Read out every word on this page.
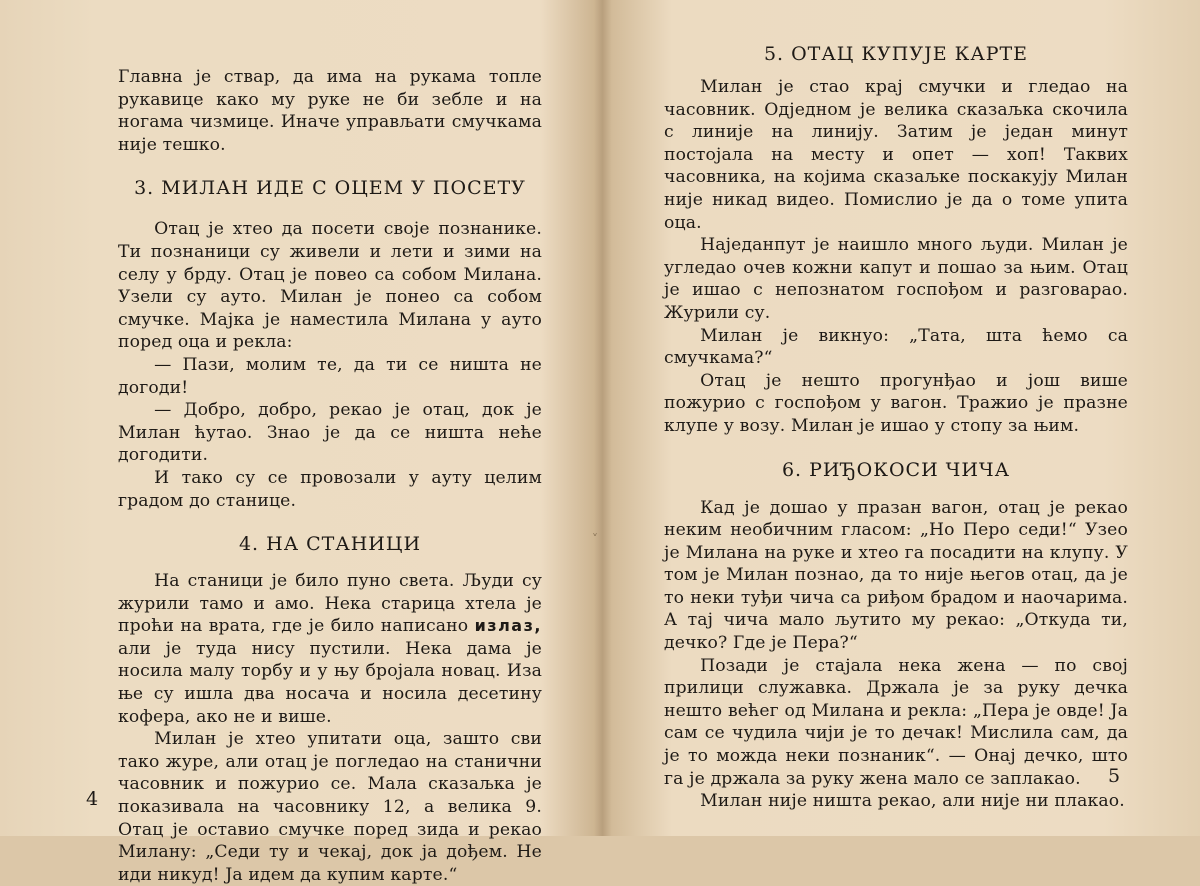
Главна је ствар, да има на рукама топле рукавице како му руке не би зебле и на ногама чизмице. Иначе управљати смучкама није тешко.

3. МИЛАН ИДЕ С ОЦЕМ У ПОСЕТУ

Отац је хтео да посети своје познанике. Ти познаници су живели и лети и зими на селу у брду. Отац је повео са собом Милана. Узели су ауто. Милан је понео са собом смучке. Мајка је наместила Милана у ауто поред оца и рекла:

— Пази, молим те, да ти се ништа не догоди!

— Добро, добро, рекао је отац, док је Милан ћутао. Знао је да се ништа неће догодити.

И тако су се провозали у ауту целим градом до станице.

4. НА СТАНИЦИ

На станици је било пуно света. Људи су журили тамо и амо. Нека старица хтела је проћи на врата, где је било написано излаз, али је туда нису пустили. Нека дама је носила малу торбу и у њу бројала новац. Иза ње су ишла два носача и носила десетину кофера, ако не и више.

Милан је хтео упитати оца, зашто сви тако журе, али отац је погледао на станични часовник и пожурио се. Мала сказаљка је показивала на часовнику 12, а велика 9. Отац је оставио смучке поред зида и рекао Милану: „Седи ту и чекај, док ја дођем. Не иди никуд! Ја идем да купим карте.“

4
˅
5. ОТАЦ КУПУЈЕ КАРТЕ

Милан је стао крај смучки и гледао на часовник. Одједном је велика сказаљка скочила с линије на линију. Затим је један минут постојала на месту и опет — хоп! Таквих часовника, на којима сказаљке поскакују Милан није никад видео. Помислио је да о томе упита оца.

Наједанпут је наишло много људи. Милан је угледао очев кожни капут и пошао за њим. Отац је ишао с непознатом госпођом и разговарао. Журили су.

Милан је викнуо: „Тата, шта ћемо са смучкама?“

Отац је нешто прогунђао и још више пожурио с госпођом у вагон. Тражио је празне клупе у возу. Милан је ишао у стопу за њим.

6. РИЂОКОСИ ЧИЧА

Кад је дошао у празан вагон, отац је рекао неким необичним гласом: „Но Перо седи!“ Узео је Милана на руке и хтео га посадити на клупу. У том је Милан познао, да то није његов отац, да је то неки туђи чича са риђом брадом и наочарима. А тај чича мало љутито му рекао: „Откуда ти, дечко? Где је Пера?“

Позади је стајала нека жена — по свој прилици служавка. Држала је за руку дечка нешто већег од Милана и рекла: „Пера је овде! Ја сам се чудила чији је то дечак! Мислила сам, да је то можда неки познаник“. — Онај дечко, што га је држала за руку жена мало се заплакао.

Милан није ништа рекао, али није ни плакао.

5
